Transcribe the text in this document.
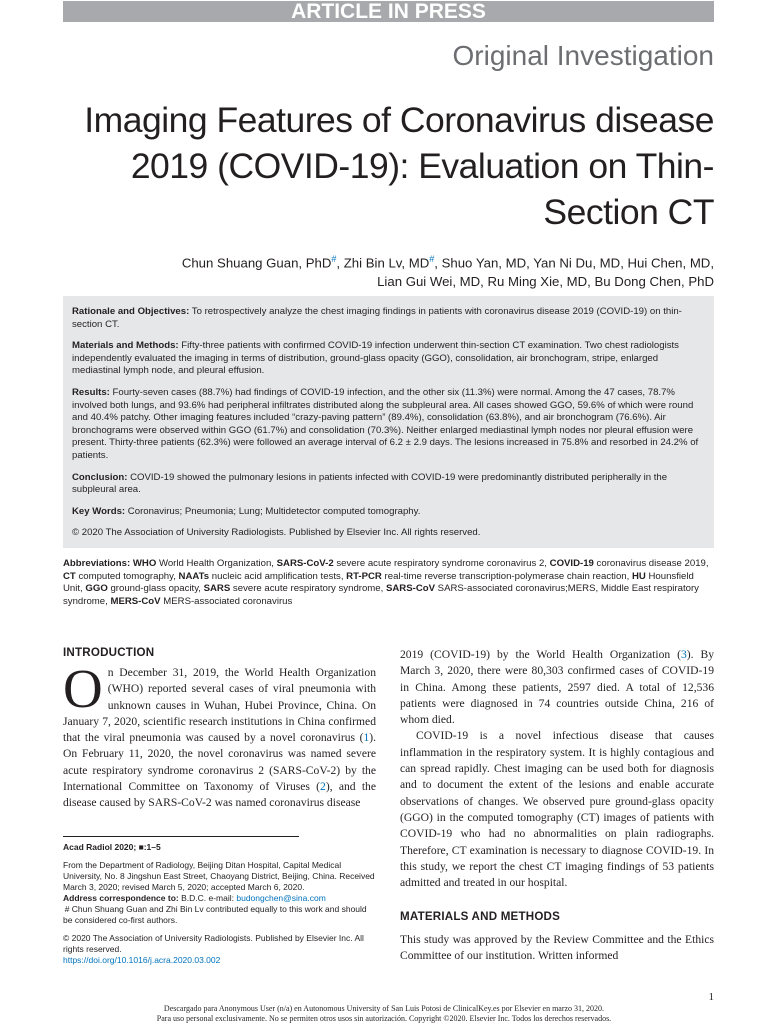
ARTICLE IN PRESS
Original Investigation
Imaging Features of Coronavirus disease 2019 (COVID-19): Evaluation on Thin-Section CT
Chun Shuang Guan, PhD#, Zhi Bin Lv, MD#, Shuo Yan, MD, Yan Ni Du, MD, Hui Chen, MD,
Lian Gui Wei, MD, Ru Ming Xie, MD, Bu Dong Chen, PhD

Rationale and Objectives: To retrospectively analyze the chest imaging findings in patients with coronavirus disease 2019 (COVID-19) on thin-section CT.

Materials and Methods: Fifty-three patients with confirmed COVID-19 infection underwent thin-section CT examination. Two chest radiologists independently evaluated the imaging in terms of distribution, ground-glass opacity (GGO), consolidation, air bronchogram, stripe, enlarged mediastinal lymph node, and pleural effusion.

Results: Fourty-seven cases (88.7%) had findings of COVID-19 infection, and the other six (11.3%) were normal. Among the 47 cases, 78.7% involved both lungs, and 93.6% had peripheral infiltrates distributed along the subpleural area. All cases showed GGO, 59.6% of which were round and 40.4% patchy. Other imaging features included “crazy-paving pattern” (89.4%), consolidation (63.8%), and air bronchogram (76.6%). Air bronchograms were observed within GGO (61.7%) and consolidation (70.3%). Neither enlarged mediastinal lymph nodes nor pleural effusion were present. Thirty-three patients (62.3%) were followed an average interval of 6.2 ± 2.9 days. The lesions increased in 75.8% and resorbed in 24.2% of patients.

Conclusion: COVID-19 showed the pulmonary lesions in patients infected with COVID-19 were predominantly distributed peripherally in the subpleural area.

Key Words: Coronavirus; Pneumonia; Lung; Multidetector computed tomography.

© 2020 The Association of University Radiologists. Published by Elsevier Inc. All rights reserved.

Abbreviations: WHO World Health Organization, SARS-CoV-2 severe acute respiratory syndrome coronavirus 2, COVID-19 coronavirus disease 2019, CT computed tomography, NAATs nucleic acid amplification tests, RT-PCR real-time reverse transcription-polymerase chain reaction, HU Hounsfield Unit, GGO ground-glass opacity, SARS severe acute respiratory syndrome, SARS-CoV SARS-associated coronavirus;MERS, Middle East respiratory syndrome, MERS-CoV MERS-associated coronavirus
INTRODUCTION
On December 31, 2019, the World Health Organization (WHO) reported several cases of viral pneumonia with unknown causes in Wuhan, Hubei Province, China. On January 7, 2020, scientific research institutions in China confirmed that the viral pneumonia was caused by a novel coronavirus (1). On February 11, 2020, the novel coronavirus was named severe acute respiratory syndrome coronavirus 2 (SARS-CoV-2) by the International Committee on Taxonomy of Viruses (2), and the disease caused by SARS-CoV-2 was named coronavirus disease

Acad Radiol 2020; ■:1–5

From the Department of Radiology, Beijing Ditan Hospital, Capital Medical University, No. 8 Jingshun East Street, Chaoyang District, Beijing, China. Received March 3, 2020; revised March 5, 2020; accepted March 6, 2020.

Address correspondence to: B.D.C. e-mail: budongchen@sina.com

 # Chun Shuang Guan and Zhi Bin Lv contributed equally to this work and should be considered co-first authors.

© 2020 The Association of University Radiologists. Published by Elsevier Inc. All rights reserved.

https://doi.org/10.1016/j.acra.2020.03.002

2019 (COVID-19) by the World Health Organization (3). By March 3, 2020, there were 80,303 confirmed cases of COVID-19 in China. Among these patients, 2597 died. A total of 12,536 patients were diagnosed in 74 countries outside China, 216 of whom died.
COVID-19 is a novel infectious disease that causes inflammation in the respiratory system. It is highly contagious and can spread rapidly. Chest imaging can be used both for diagnosis and to document the extent of the lesions and enable accurate observations of changes. We observed pure ground-glass opacity (GGO) in the computed tomography (CT) images of patients with COVID-19 who had no abnormalities on plain radiographs. Therefore, CT examination is necessary to diagnose COVID-19. In this study, we report the chest CT imaging findings of 53 patients admitted and treated in our hospital.
MATERIALS AND METHODS
This study was approved by the Review Committee and the Ethics Committee of our institution. Written informed
1
Descargado para Anonymous User (n/a) en Autonomous University of San Luis Potosi de ClinicalKey.es por Elsevier en marzo 31, 2020.
Para uso personal exclusivamente. No se permiten otros usos sin autorización. Copyright ©2020. Elsevier Inc. Todos los derechos reservados.
